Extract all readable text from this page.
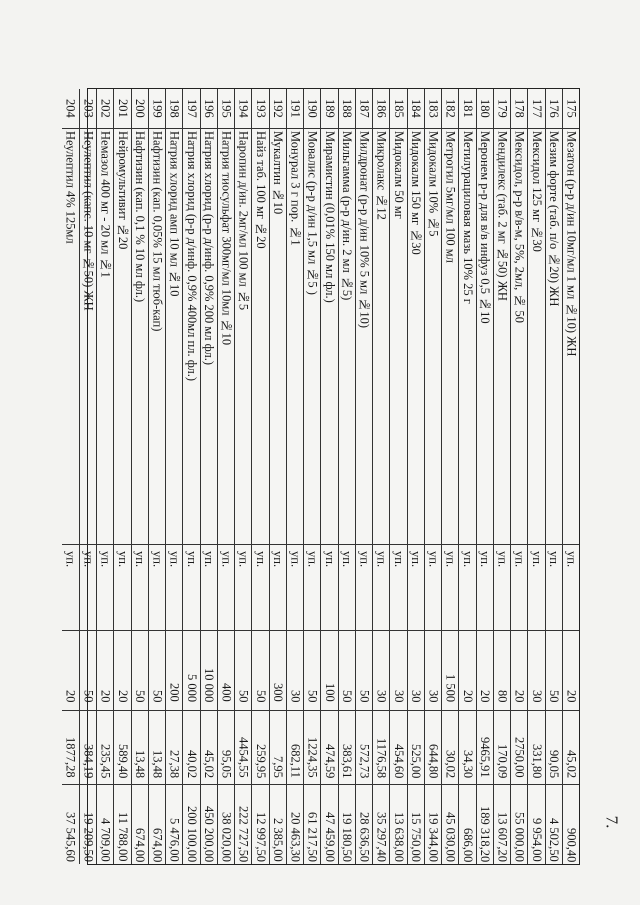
7.
175
Мезатон (р-р д/ин 10мг/мл 1 мл №10) ЖН
уп.
20
45,02
900,40
176
Мезим форте (таб. п/о №20) ЖН
уп.
50
90,05
4 502,50
177
Мексидол 125 мг №30
уп.
30
331,80
9 954,00
178
Мексидол, р-р в/в-м, 5%, 2мл, № 50
уп.
20
2750,00
55 000,00
179
Мендилекс (таб. 2 мг №50) ЖН
уп.
80
170,09
13 607,20
180
Меронем р-р для в/в инфуз 0,5 №10
уп.
20
9465,91
189 318,20
181
Метилурациловая мазь 10% 25 г
уп.
20
34,30
686,00
182
Метрогил 5мг/мл 100 мл
уп.
1 500
30,02
45 030,00
183
Мидокалм 10% №5
уп.
30
644,80
19 344,00
184
Мидокалм 150 мг №30
уп.
30
525,00
15 750,00
185
Мидокалм 50 мг
уп.
30
454,60
13 638,00
186
Микролакс №12
уп.
30
1176,58
35 297,40
187
Милдронат (р-р д/ин 10% 5 мл №10)
уп.
50
572,73
28 636,50
188
Мильгамма (р-р д/ин. 2 мл №5)
уп.
50
383,61
19 180,50
189
Мирамистин (0,01% 150 мл фл.)
уп.
100
474,59
47 459,00
190
Мовалис (р-р д/ин 1,5 мл №5 )
уп.
50
1224,35
61 217,50
191
Монурал 3 г пор. №1
уп.
30
682,11
20 463,30
192
Мукалтин №10
уп.
300
7,95
2 385,00
193
Найз таб. 100 мг №20
уп.
50
259,95
12 997,50
194
Наропин д/ин. 2мг/мл 100 мл №5
уп.
50
4454,55
222 727,50
195
Натрия тиосульфат 300мг/мл 10мл №10
уп.
400
95,05
38 020,00
196
Натрия хлорид (р-р д/инф. 0,9% 200 мл фл.)
уп.
10 000
45,02
450 200,00
197
Натрия хлорид (р-р д/инф. 0,9% 400мл пл. фл.)
уп.
5 000
40,02
200 100,00
198
Натрия хлорид амп 10 мл №10
уп.
200
27,38
5 476,00
199
Нафтизин (кап. 0,05% 15 мл тюб-кап)
уп.
50
13,48
674,00
200
Нафтизин (кап. 0,1 % 10 мл фл.)
уп.
50
13,48
674,00
201
Нейромультивит №20
уп.
20
589,40
11 788,00
202
Немазол 400 мг - 20 мл №1
уп.
20
235,45
4 709,00
203
Неулептил (капс. 10 мг №50) ЖН
уп.
50
384,19
19 209,50
204
Неулептил 4% 125мл
уп.
20
1877,28
37 545,60
